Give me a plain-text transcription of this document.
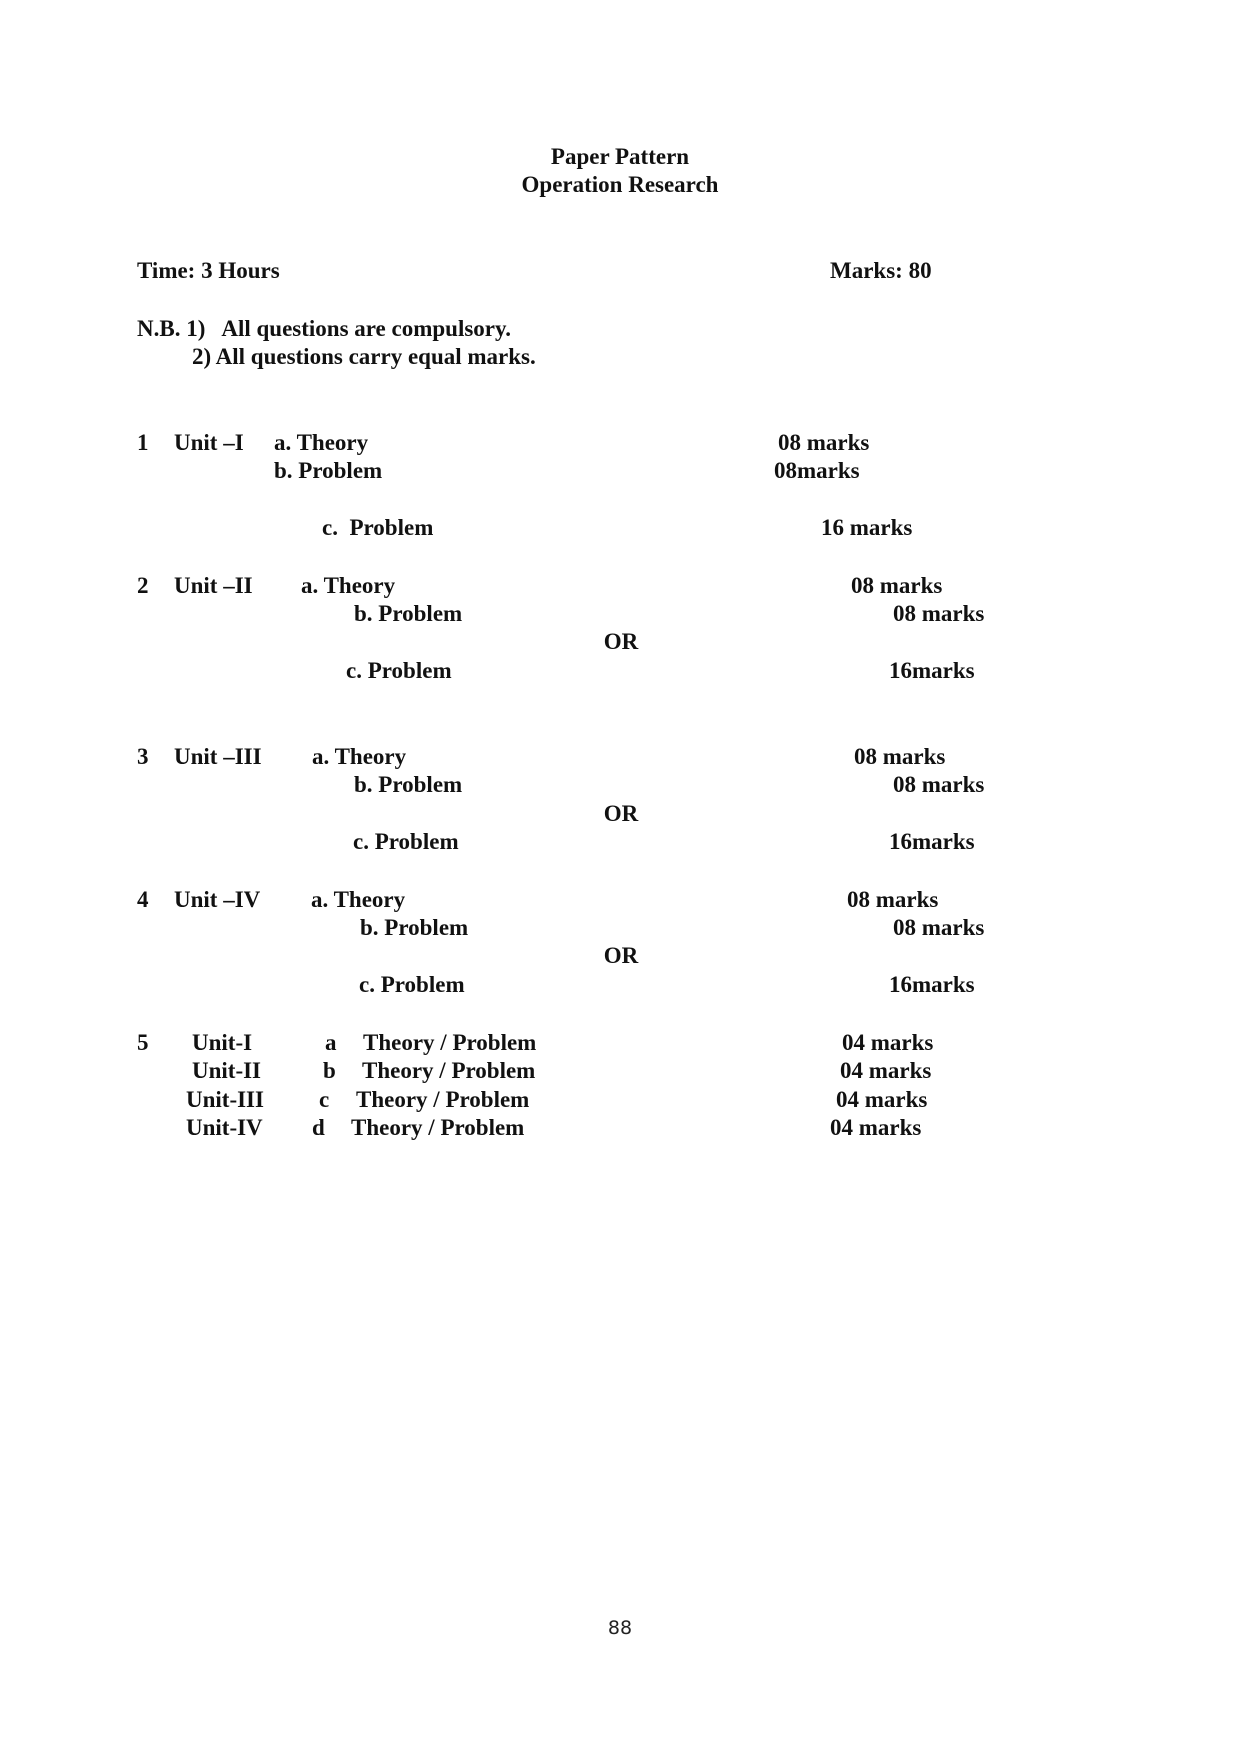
Paper Pattern
Operation Research
Time: 3 Hours	Marks: 80
N.B. 1)   All questions are compulsory.
2) All questions carry equal marks.
1 Unit –I a. Theory	08 marks
b. Problem	08marks
c.  Problem	16 marks
2 Unit –II a. Theory	08 marks
b. Problem	08 marks
OR
c. Problem	16marks
3 Unit –III a. Theory	08 marks
b. Problem	08 marks
OR
c. Problem	16marks
4 Unit –IV a. Theory	08 marks
b. Problem	08 marks
OR
c. Problem	16marks
5 Unit-I	a Theory / Problem	04 marks
Unit-II	b Theory / Problem	04 marks
Unit-III c Theory / Problem	04 marks
Unit-IV d Theory / Problem	04 marks
88
